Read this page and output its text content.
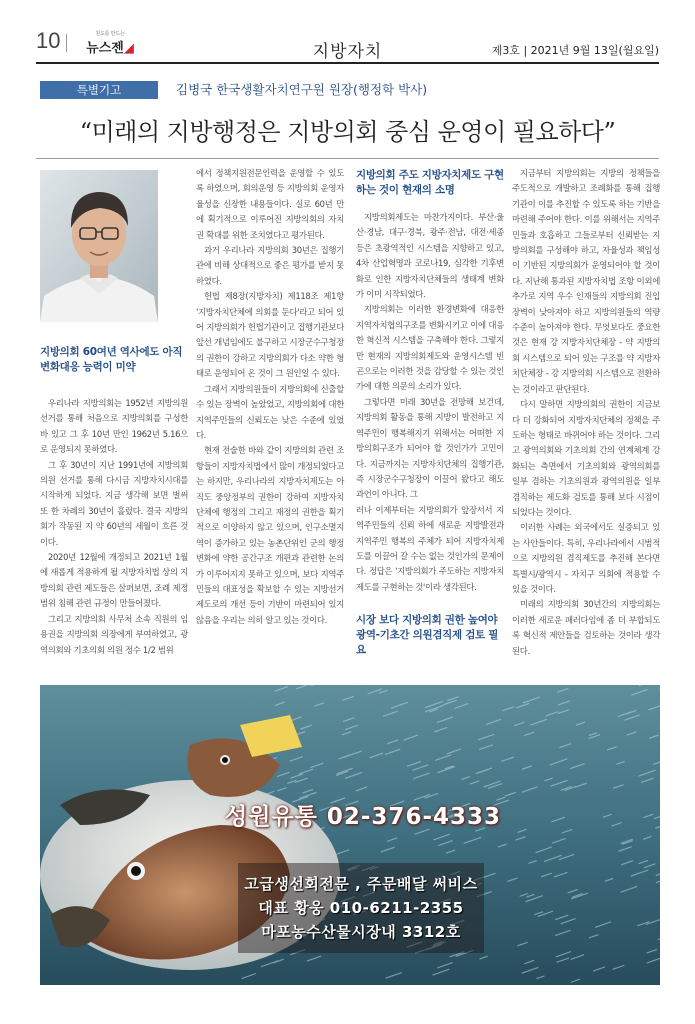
10	원도를 만드는
뉴스젠◢	지방자치	제3호 | 2021년 9월 13일(월요일)
특별기고	김병국 한국생활자치연구원 원장(행정학 박사)
“미래의 지방행정은 지방의회 중심 운영이 필요하다”
지방의회 60여년 역사에도 아직 변화대응 능력이 미약
지방의회 주도 지방자치제도 구현하는 것이 현재의 소명
시장 보다 지방의회 권한 높여야 광역-기초간 의원겸직제 검토 필요

우리나라 지방의회는 1952년 지방의원 선거를 통해 처음으로 지방의회를 구성한 바 있고 그 후 10년 만인 1962년 5.16으로 운영되지 못하였다.

그 후 30년이 지난 1991년에 지방의회 의원 선거를 통해 다시금 지방자치시대를 시작하게 되었다. 지금 생각해 보면 벌써 또 한 차례의 30년이 흘렀다. 결국 지방의회가 작동된 지 약 60년의 세월이 흐른 것이다.

2020년 12월에 개정되고 2021년 1월에 새롭게 적용하게 될 지방자치법 상의 지방의회 관련 제도들은 살펴보면, 조례 제정 범위 침해 관련 규정이 만들어졌다.

그리고 지방의회 사무처 소속 직원의 임용권을 지방의회 의장에게 부여하였고, 광역의회와 기초의회 의원 정수 1/2 범위

에서 정책지원전문인력을 운영할 수 있도록 하였으며, 회의운영 등 지방의회 운영자율성을 신장한 내용들이다. 실로 60년 만에 획기적으로 이루어진 지방의회의 자치권 확대를 위한 조치였다고 평가된다.

과거 우리나라 지방의회 30년은 집행기관에 비해 상대적으로 좋은 평가를 받지 못하였다.

헌법 제8장(지방자치) 제118조 제1항 '지방자치단체에 의회를 둔다'라고 되어 있어 지방의회가 헌법기관이고 집행기관보다 앞선 개념임에도 불구하고 시장군수구청장의 권한이 강하고 지방의회가 다소 약한 형태로 운영되어 온 것이 그 원인일 수 있다.

그래서 지방의원들이 지방의회에 신출할 수 있는 장벽이 높았었고, 지방의회에 대한 지역주민들의 신뢰도는 낮은 수준에 있었다.

현재 전술한 바와 같이 지방의회 관련 조항들이 지방자치법에서 많이 개정되었다고는 하지만, 우리나라의 지방자치제도는 아직도 중앙정부의 권한이 강하여 지방자치단체에 행정의 그리고 재정의 권한을 획기적으로 이양하지 않고 있으며, 인구소멸지역이 증가하고 있는 농촌단위인 군의 행정변화에 약한 공간구조 개편과 관련한 논의가 이루어지지 못하고 있으며, 보다 지역주민들의 대표성을 확보할 수 있는 지방선거제도로의 개선 등이 기반이 마련되어 있지 않음을 우리는 의히 알고 있는 것이다.

지방의회제도는 마찬가지이다. 부산·울산·경남, 대구·경북, 광주·전남, 대전·세종 등은 초광역적인 시스템을 지향하고 있고, 4차 산업혁명과 코로나19, 심각한 기후변화로 인한 지방자치단체들의 생태계 변화가 이미 시작되었다.

지방의회는 이러한 환경변화에 대응한 지역자치협의구조를 변화시키고 이에 대응한 혁신적 시스템을 구축해야 한다. 그렇지만 현재의 지방의회제도와 운영시스템 빈곤으로는 이러한 것을 감당할 수 있는 것인가에 대한 의문의 소리가 있다.

그렇다면 미래 30년을 전망해 보건데, 지방의회 활동을 통해 지방이 발전하고 지역주민이 행복해지기 위해서는 어떠한 지방의회구조가 되어야 할 것인가가 고민이다. 지금까지는 지방자치단체의 집행기관, 즉 시장군수구청장이 이끌어 왔다고 해도 과언이 아니다. 그

러나 이제부터는 지방의회가 앞장서서 지역주민들의 신뢰 하에 새로운 지방발전과 지역주민 행복의 주체가 되어 지방자치제도를 이끌어 갈 수는 없는 것인가의 문제이다. 정답은 '지방의회가 주도하는 지방자치제도를 구현하는 것'이라 생각된다.

지금부터 지방의회는 지방의 정책들을 주도적으로 개발하고 조례화를 통해 집행기관이 이를 추진할 수 있도록 하는 기반을 마련해 주어야 한다. 이를 위해서는 지역주민들과 호흡하고 그들로부터 신뢰받는 지방의회를 구성해야 하고, 자율성과 책임성이 기반된 지방의회가 운영되어야 할 것이다. 지난해 통과된 지방자치법 조항 이외에 추가로 지역 우수 인재들의 지방의회 진입장벽이 낮아져야 하고 지방의원들의 역량 수준이 높아져야 한다. 무엇보다도 중요한 것은 현재 강 지방자치단체장 - 약 지방의회 시스템으로 되어 있는 구조를 약 지방자치단체장 - 강 지방의회 시스템으로 전환하는 것이라고 판단된다.

다시 말하면 지방의회의 권한이 지금보다 더 강화되어 지방자치단체의 정책을 주도하는 형태로 바뀌어야 하는 것이다. 그리고 광역의회와 기초의회 간의 연계체계 강화되는 측면에서 기초의회와 광역의회를 일부 겸하는 기초의원과 광역의원을 일부 겸직하는 제도화 검토를 통해 보다 시점이 되었다는 것이다.

이러한 사례는 외국에서도 실증되고 있는 사안들이다. 특히, 우리나라에서 시범적으로 지방의원 겸직제도를 추진해 본다면 특별시/광역시 - 자치구 의회에 적용할 수 있을 것이다.

미래의 지방의회 30년간의 지방의회는 이러한 새로운 패러다임에 좀 더 부합되도록 혁신적 제안들을 검토하는 것이라 생각된다.

성원유통 02-376-4333
고급생선회전문 , 주문배달 써비스
대표 황웅 010-6211-2355
마포농수산물시장내 3312호
